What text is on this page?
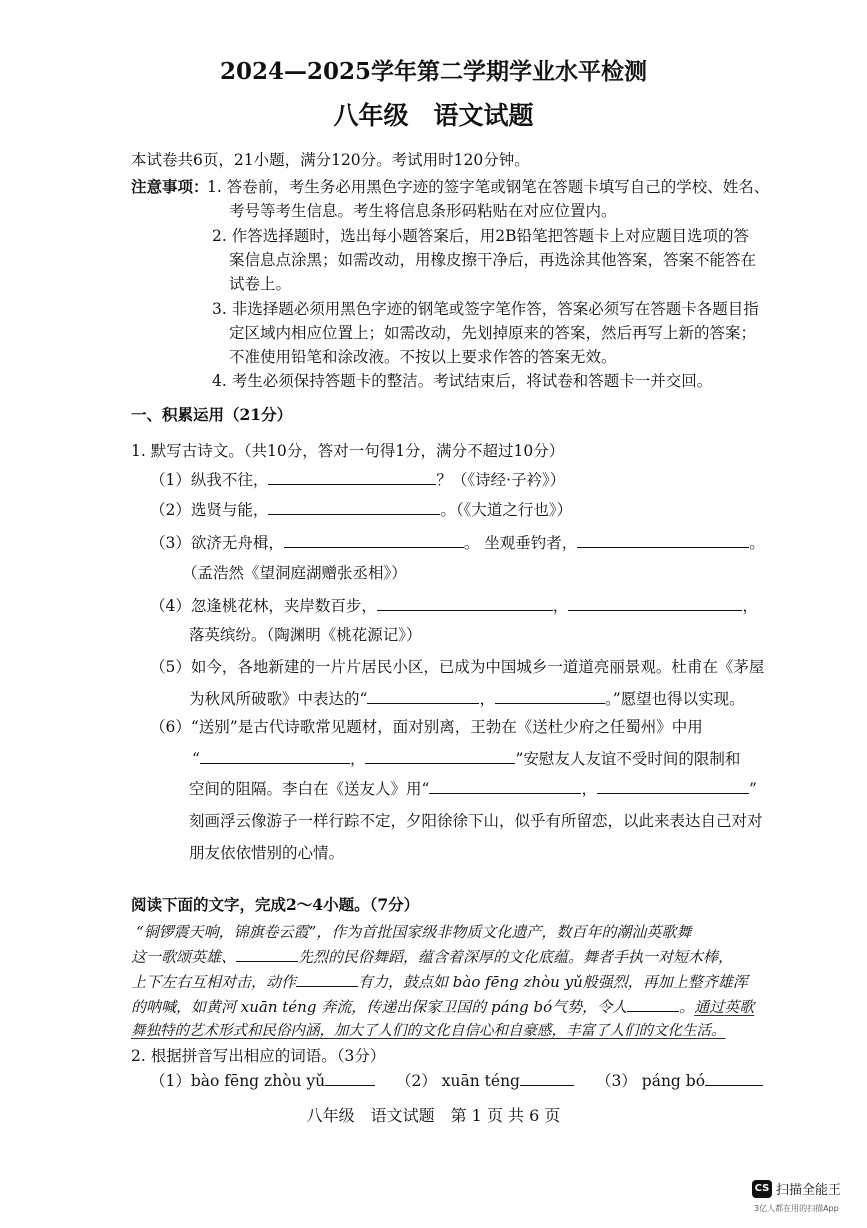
2024—2025学年第二学期学业水平检测
八年级　语文试题
本试卷共6页，21小题，满分120分。考试用时120分钟。
注意事项：
1. 答卷前，考生务必用黑色字迹的签字笔或钢笔在答题卡填写自己的学校、姓名、
考号等考生信息。考生将信息条形码粘贴在对应位置内。
2. 作答选择题时，选出每小题答案后，用2B铅笔把答题卡上对应题目选项的答
案信息点涂黑；如需改动，用橡皮擦干净后，再选涂其他答案，答案不能答在
试卷上。
3. 非选择题必须用黑色字迹的钢笔或签字笔作答，答案必须写在答题卡各题目指
定区域内相应位置上；如需改动，先划掉原来的答案，然后再写上新的答案；
不准使用铅笔和涂改液。不按以上要求作答的答案无效。
4. 考生必须保持答题卡的整洁。考试结束后，将试卷和答题卡一并交回。
一、积累运用（21分）
1. 默写古诗文。（共10分，答对一句得1分，满分不超过10分）
（1）纵我不往，	？（《诗经·子衿》）
（2）选贤与能，	。（《大道之行也》）
（3）欲济无舟楫，	。 坐观垂钓者，	。
（孟浩然《望洞庭湖赠张丞相》）
（4）忽逢桃花林，夹岸数百步，	，	，
落英缤纷。（陶渊明《桃花源记》）
（5）如今，各地新建的一片片居民小区，已成为中国城乡一道道亮丽景观。杜甫在《茅屋
为秋风所破歌》中表达的“	，	。”愿望也得以实现。
（6）“送别”是古代诗歌常见题材，面对别离，王勃在《送杜少府之任蜀州》中用
“	，	”安慰友人友谊不受时间的限制和
空间的阻隔。李白在《送友人》用“	，	”
刻画浮云像游子一样行踪不定，夕阳徐徐下山，似乎有所留恋，以此来表达自己对对
朋友依依惜别的心情。
阅读下面的文字，完成2～4小题。（7分）
“铜锣震天响，锦旗卷云霞”，作为首批国家级非物质文化遗产，数百年的潮汕英歌舞
这一歌颂英雄、	先烈的民俗舞蹈，蕴含着深厚的文化底蕴。舞者手执一对短木棒，
上下左右互相对击，动作	有力，鼓点如 bào fēng zhòu yǔ般强烈，再加上整齐雄浑
的呐喊，如黄河 xuān téng 奔流，传递出保家卫国的 páng bó气势，令人	。通过英歌
舞独特的艺术形式和民俗内涵，加大了人们的文化自信心和自豪感，丰富了人们的文化生活。
2. 根据拼音写出相应的词语。（3分）
（1）bào fēng zhòu yǔ	（2） xuān téng	（3） páng bó
八年级　语文试题　第 1 页 共 6 页
CS 扫描全能王
3亿人都在用的扫描App
